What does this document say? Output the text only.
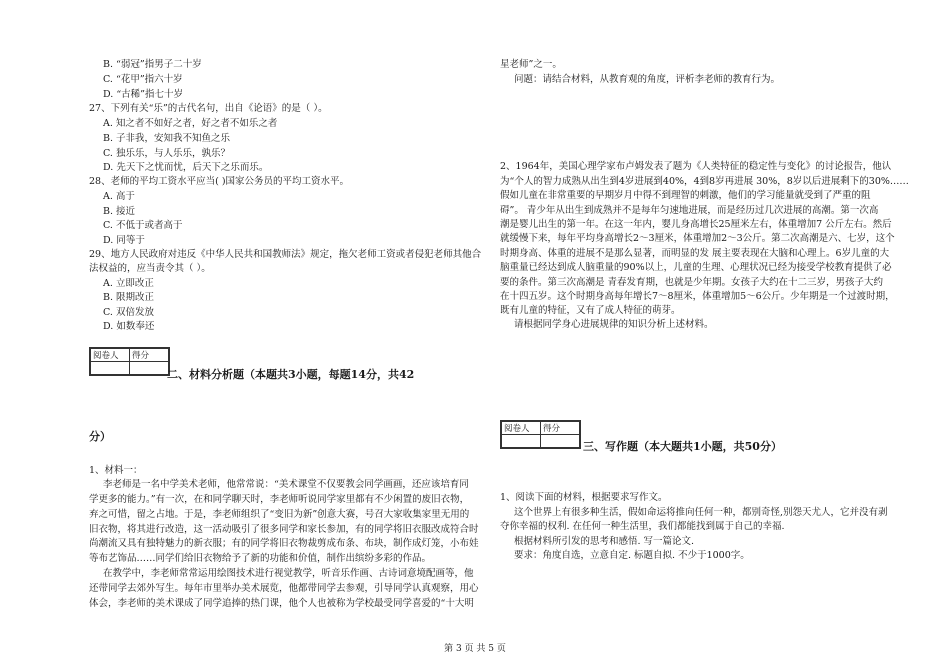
B. “弱冠”指男子二十岁
C. “花甲”指六十岁
D. “古稀”指七十岁
27、下列有关“乐”的古代名句，出自《论语》的是（ ）。
A. 知之者不如好之者，好之者不如乐之者
B. 子非我，安知我不知鱼之乐
C. 独乐乐，与人乐乐，孰乐？
D. 先天下之忧而忧，后天下之乐而乐。
28、老师的平均工资水平应当( )国家公务员的平均工资水平。
A. 高于
B. 接近
C. 不低于或者高于
D. 同等于
29、地方人民政府对违反《中华人民共和国教师法》规定，拖欠老师工资或者侵犯老师其他合
法权益的，应当责令其（ ）。
A. 立即改正
B. 限期改正
C. 双倍发放
D. 如数奉还
阅卷人	得分

二、材料分析题（本题共3小题，每题14分，共42
分）
1、材料一：
李老师是一名中学美术老师，他常常说：“美术课堂不仅要教会同学画画，还应该培育同
学更多的能力。”有一次，在和同学聊天时，李老师听说同学家里都有不少闲置的废旧衣物，
弃之可惜，留之占地。于是，李老师组织了“变旧为新”创意大赛，号召大家收集家里无用的
旧衣物，将其进行改造，这一活动吸引了很多同学和家长参加，有的同学将旧衣服改成符合时
尚潮流又具有独特魅力的新衣服；有的同学将旧衣物裁剪成布条、布块，制作成灯笼，小布娃
等布艺饰品……同学们给旧衣物给予了新的功能和价值，制作出缤纷多彩的作品。
在教学中，李老师常常运用绘图技术进行视觉教学，听音乐作画、古诗词意境配画等，他
还带同学去郊外写生。每年市里举办美术展览，他都带同学去参观，引导同学认真观察，用心
体会，李老师的美术课成了同学追捧的热门课，他个人也被称为学校最受同学喜爱的“十大明
星老师”之一。
问题：请结合材料，从教育观的角度，评析李老师的教育行为。
2、1964年，美国心理学家布卢姆发表了题为《人类特征的稳定性与变化》的讨论报告，他认
为“个人的智力成熟从出生到4岁进展到40%，4到8岁再进展 30%，8岁以后进展剩下的30%……
假如儿童在非常重要的早期岁月中得不到理智的刺激，他们的学习能量就受到了严重的阻
碍”。 青少年从出生到成熟并不是每年匀速地进展，而是经历过几次进展的高潮。第一次高
潮是婴儿出生的第一年。在这一年内，婴儿身高增长25厘米左右，体重增加7 公斤左右。然后
就缓慢下来，每年平均身高增长2～3厘米，体重增加2～3公斤。第二次高潮是六、七岁，这个
时期身高、体重的进展不是那么显著，而明显的发 展主要表现在大脑和心理上。6岁儿童的大
脑重量已经达到成人脑重量的90%以上，儿童的生理、心理状况已经为接受学校教育提供了必
要的条件。第三次高潮是 青春发育期，也就是少年期。女孩子大约在十二三岁，男孩子大约
在十四五岁。这个时期身高每年增长7～8厘米，体重增加5～6公斤。少年期是一个过渡时期，
既有儿童的特征，又有了成人特征的萌芽。
请根据同学身心进展规律的知识分析上述材料。
阅卷人	得分

三、写作题（本大题共1小题，共50分）
1、阅读下面的材料，根据要求写作文。
这个世界上有很多种生活，假如命运将推向任何一种，都别奇怪,别怨天尤人，它并没有剥
夺你幸福的权利. 在任何一种生活里，我们都能找到属于自己的幸福.
根据材料所引发的思考和感悟. 写一篇论文.
要求：角度自选，立意自定. 标题自拟. 不少于1000字。
第 3 页 共 5 页
